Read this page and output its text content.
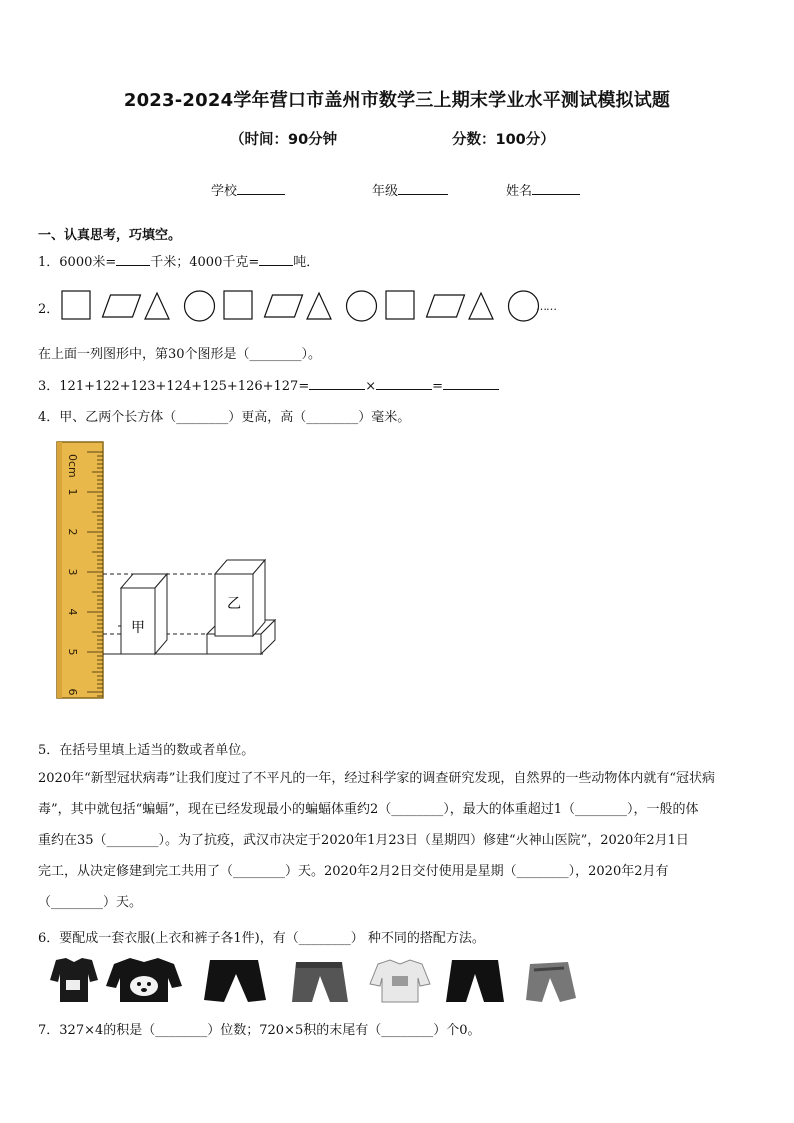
2023-2024学年营口市盖州市数学三上期末学业水平测试模拟试题
（时间：90分钟	分数：100分）
学校	年级	姓名
一、认真思考，巧填空。
1．6000米=	千米；4000千克=	吨．
2．	……
在上面一列图形中，第30个图形是（________）。
3．121+122+123+124+125+126+127=	×	=
4．甲、乙两个长方体（________）更高，高（________）毫米。
0cm
1
2
3
4
5
6
甲
乙
5．在括号里填上适当的数或者单位。
2020年“新型冠状病毒”让我们度过了不平凡的一年，经过科学家的调查研究发现，自然界的一些动物体内就有“冠状病
毒”，其中就包括“蝙蝠”，现在已经发现最小的蝙蝠体重约2（________），最大的体重超过1（________），一般的体
重约在35（________）。为了抗疫，武汉市决定于2020年1月23日（星期四）修建“火神山医院”，2020年2月1日
完工，从决定修建到完工共用了（________）天。2020年2月2日交付使用是星期（________），2020年2月有
（________）天。
6．要配成一套衣服(上衣和裤子各1件)，有（________） 种不同的搭配方法。
7．327×4的积是（________）位数；720×5积的末尾有（________）个0。
